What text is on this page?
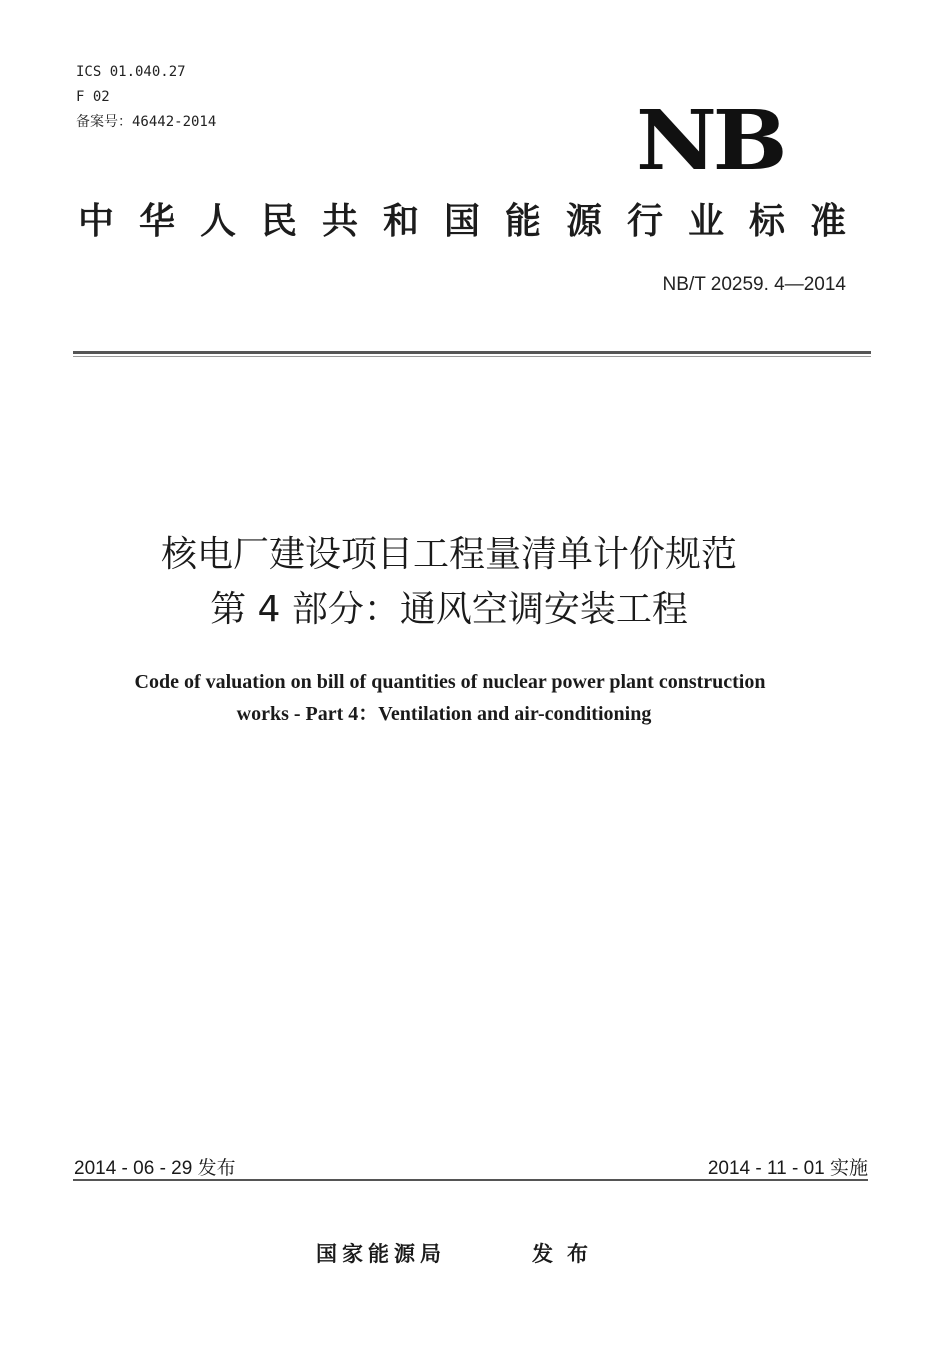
ICS 01.040.27
F 02
备案号：46442-2014	NB
中华人民共和国能源行业标准
NB/T 20259. 4—2014
核电厂建设项目工程量清单计价规范
第 4 部分：通风空调安装工程
Code of valuation on bill of quantities of nuclear power plant construction
works - Part 4：Ventilation and air-conditioning
2014 - 06 - 29 发布	2014 - 11 - 01 实施
国家能源局	发布
